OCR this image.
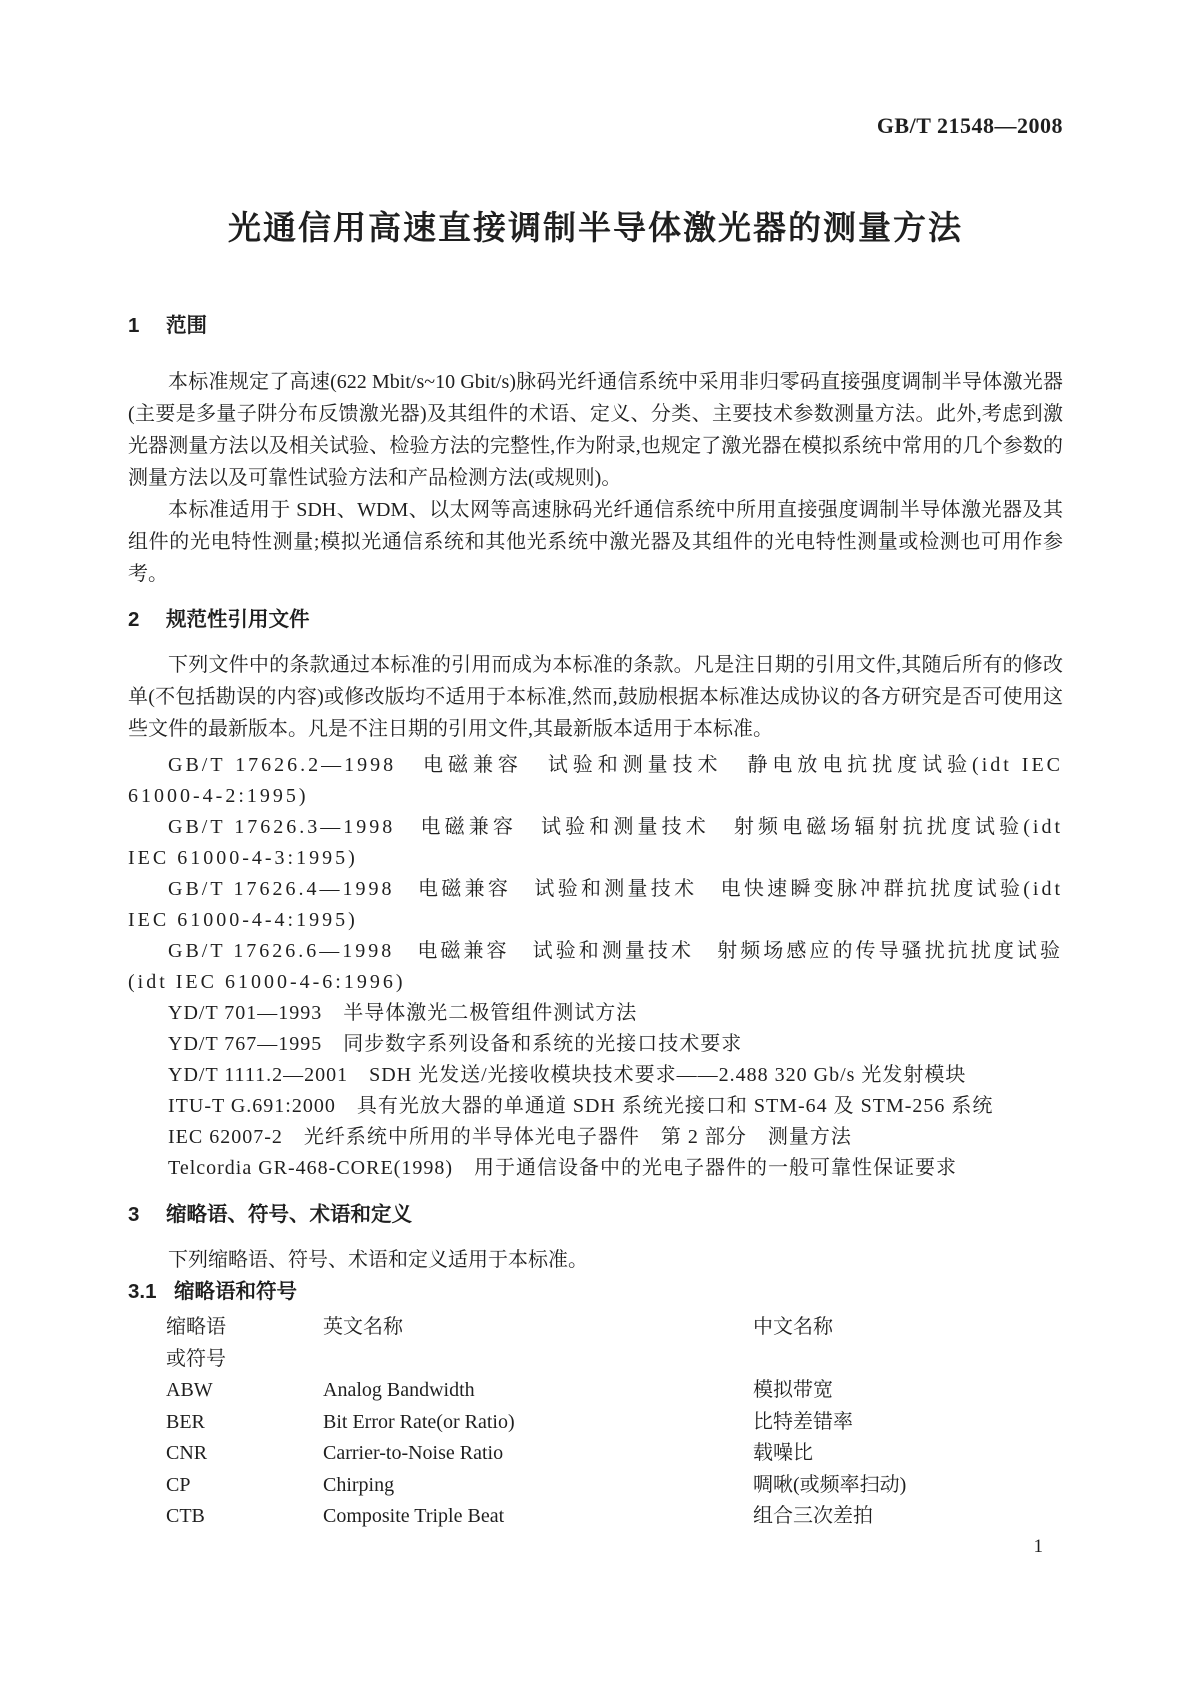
GB/T 21548—2008
光通信用高速直接调制半导体激光器的测量方法
1 范围

本标准规定了高速(622 Mbit/s~10 Gbit/s)脉码光纤通信系统中采用非归零码直接强度调制半导体激光器(主要是多量子阱分布反馈激光器)及其组件的术语、定义、分类、主要技术参数测量方法。此外,考虑到激光器测量方法以及相关试验、检验方法的完整性,作为附录,也规定了激光器在模拟系统中常用的几个参数的测量方法以及可靠性试验方法和产品检测方法(或规则)。

本标准适用于 SDH、WDM、以太网等高速脉码光纤通信系统中所用直接强度调制半导体激光器及其组件的光电特性测量;模拟光通信系统和其他光系统中激光器及其组件的光电特性测量或检测也可用作参考。

2 规范性引用文件

下列文件中的条款通过本标准的引用而成为本标准的条款。凡是注日期的引用文件,其随后所有的修改单(不包括勘误的内容)或修改版均不适用于本标准,然而,鼓励根据本标准达成协议的各方研究是否可使用这些文件的最新版本。凡是不注日期的引用文件,其最新版本适用于本标准。

GB/T 17626.2—1998　电磁兼容　试验和测量技术　静电放电抗扰度试验(idt IEC 61000-4-2:1995)

GB/T 17626.3—1998　电磁兼容　试验和测量技术　射频电磁场辐射抗扰度试验(idt IEC 61000-4-3:1995)

GB/T 17626.4—1998　电磁兼容　试验和测量技术　电快速瞬变脉冲群抗扰度试验(idt IEC 61000-4-4:1995)

GB/T 17626.6—1998　电磁兼容　试验和测量技术　射频场感应的传导骚扰抗扰度试验(idt IEC 61000-4-6:1996)

YD/T 701—1993　半导体激光二极管组件测试方法

YD/T 767—1995　同步数字系列设备和系统的光接口技术要求

YD/T 1111.2—2001　SDH 光发送/光接收模块技术要求——2.488 320 Gb/s 光发射模块

ITU-T G.691:2000　具有光放大器的单通道 SDH 系统光接口和 STM-64 及 STM-256 系统

IEC 62007-2　光纤系统中所用的半导体光电子器件　第 2 部分　测量方法

Telcordia GR-468-CORE(1998)　用于通信设备中的光电子器件的一般可靠性保证要求

3 缩略语、符号、术语和定义

下列缩略语、符号、术语和定义适用于本标准。

3.1 缩略语和符号
缩略语	英文名称	中文名称
或符号
ABW	Analog Bandwidth	模拟带宽
BER	Bit Error Rate(or Ratio)	比特差错率
CNR	Carrier-to-Noise Ratio	载噪比
CP	Chirping	啁啾(或频率扫动)
CTB	Composite Triple Beat	组合三次差拍
1
